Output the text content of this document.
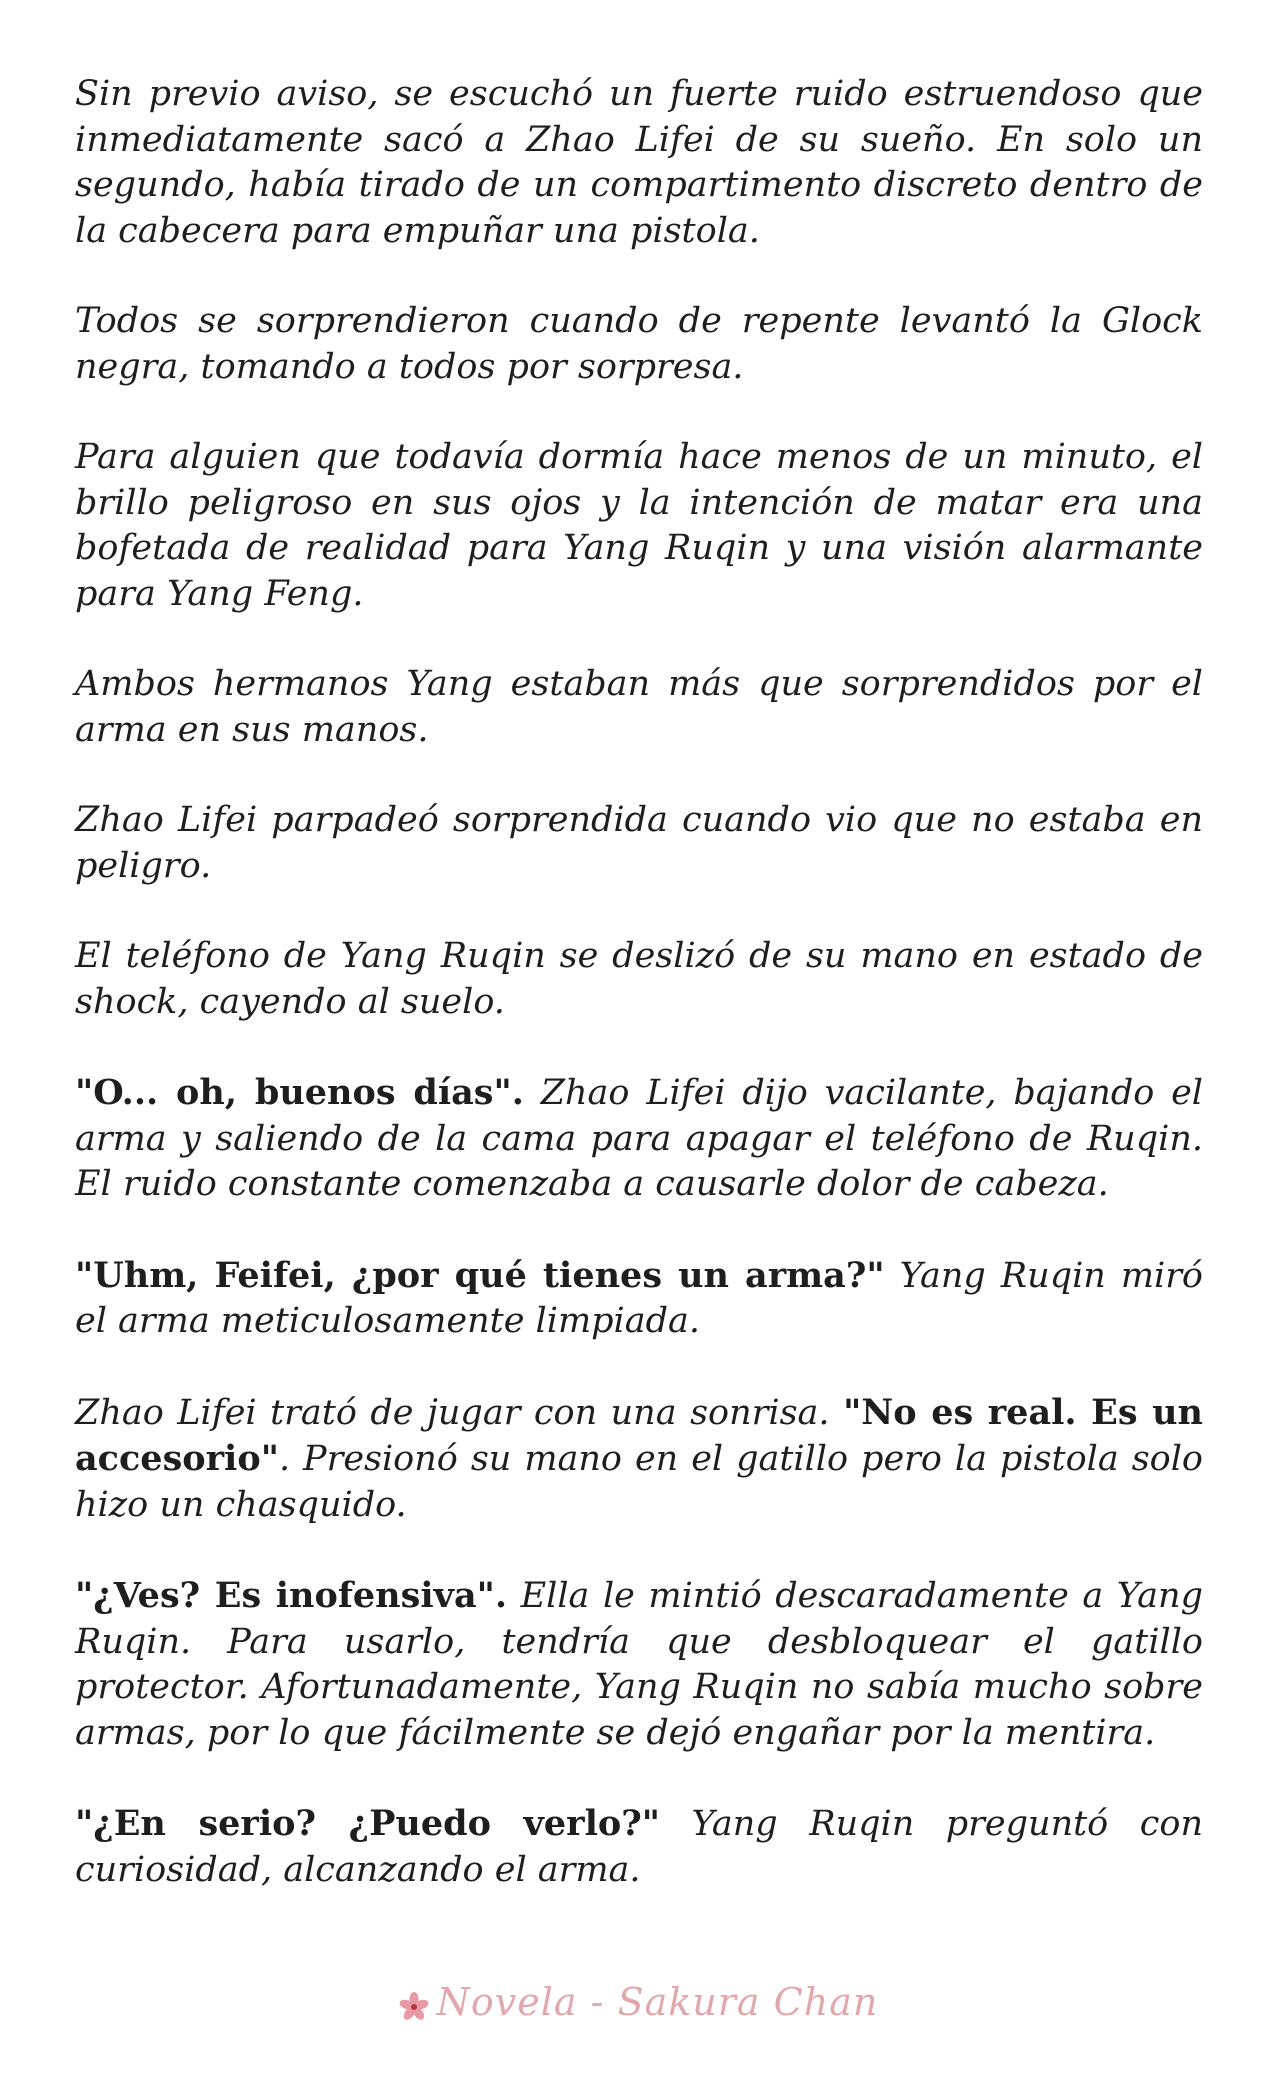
Sin previo aviso, se escuchó un fuerte ruido estruendoso que inmediatamente sacó a Zhao Lifei de su sueño. En solo un segundo, había tirado de un compartimento discreto dentro de la cabecera para empuñar una pistola.

Todos se sorprendieron cuando de repente levantó la Glock negra, tomando a todos por sorpresa.

Para alguien que todavía dormía hace menos de un minuto, el brillo peligroso en sus ojos y la intención de matar era una bofetada de realidad para Yang Ruqin y una visión alarmante para Yang Feng.

Ambos hermanos Yang estaban más que sorprendidos por el arma en sus manos.

Zhao Lifei parpadeó sorprendida cuando vio que no estaba en peligro.

El teléfono de Yang Ruqin se deslizó de su mano en estado de shock, cayendo al suelo.

"O... oh, buenos días". Zhao Lifei dijo vacilante, bajando el arma y saliendo de la cama para apagar el teléfono de Ruqin. El ruido constante comenzaba a causarle dolor de cabeza.

"Uhm, Feifei, ¿por qué tienes un arma?" Yang Ruqin miró el arma meticulosamente limpiada.

Zhao Lifei trató de jugar con una sonrisa. "No es real. Es un accesorio". Presionó su mano en el gatillo pero la pistola solo hizo un chasquido.

"¿Ves? Es inofensiva". Ella le mintió descaradamente a Yang Ruqin. Para usarlo, tendría que desbloquear el gatillo protector. Afortunadamente, Yang Ruqin no sabía mucho sobre armas, por lo que fácilmente se dejó engañar por la mentira.

"¿En serio? ¿Puedo verlo?" Yang Ruqin preguntó con curiosidad, alcanzando el arma.

Novela - Sakura Chan
